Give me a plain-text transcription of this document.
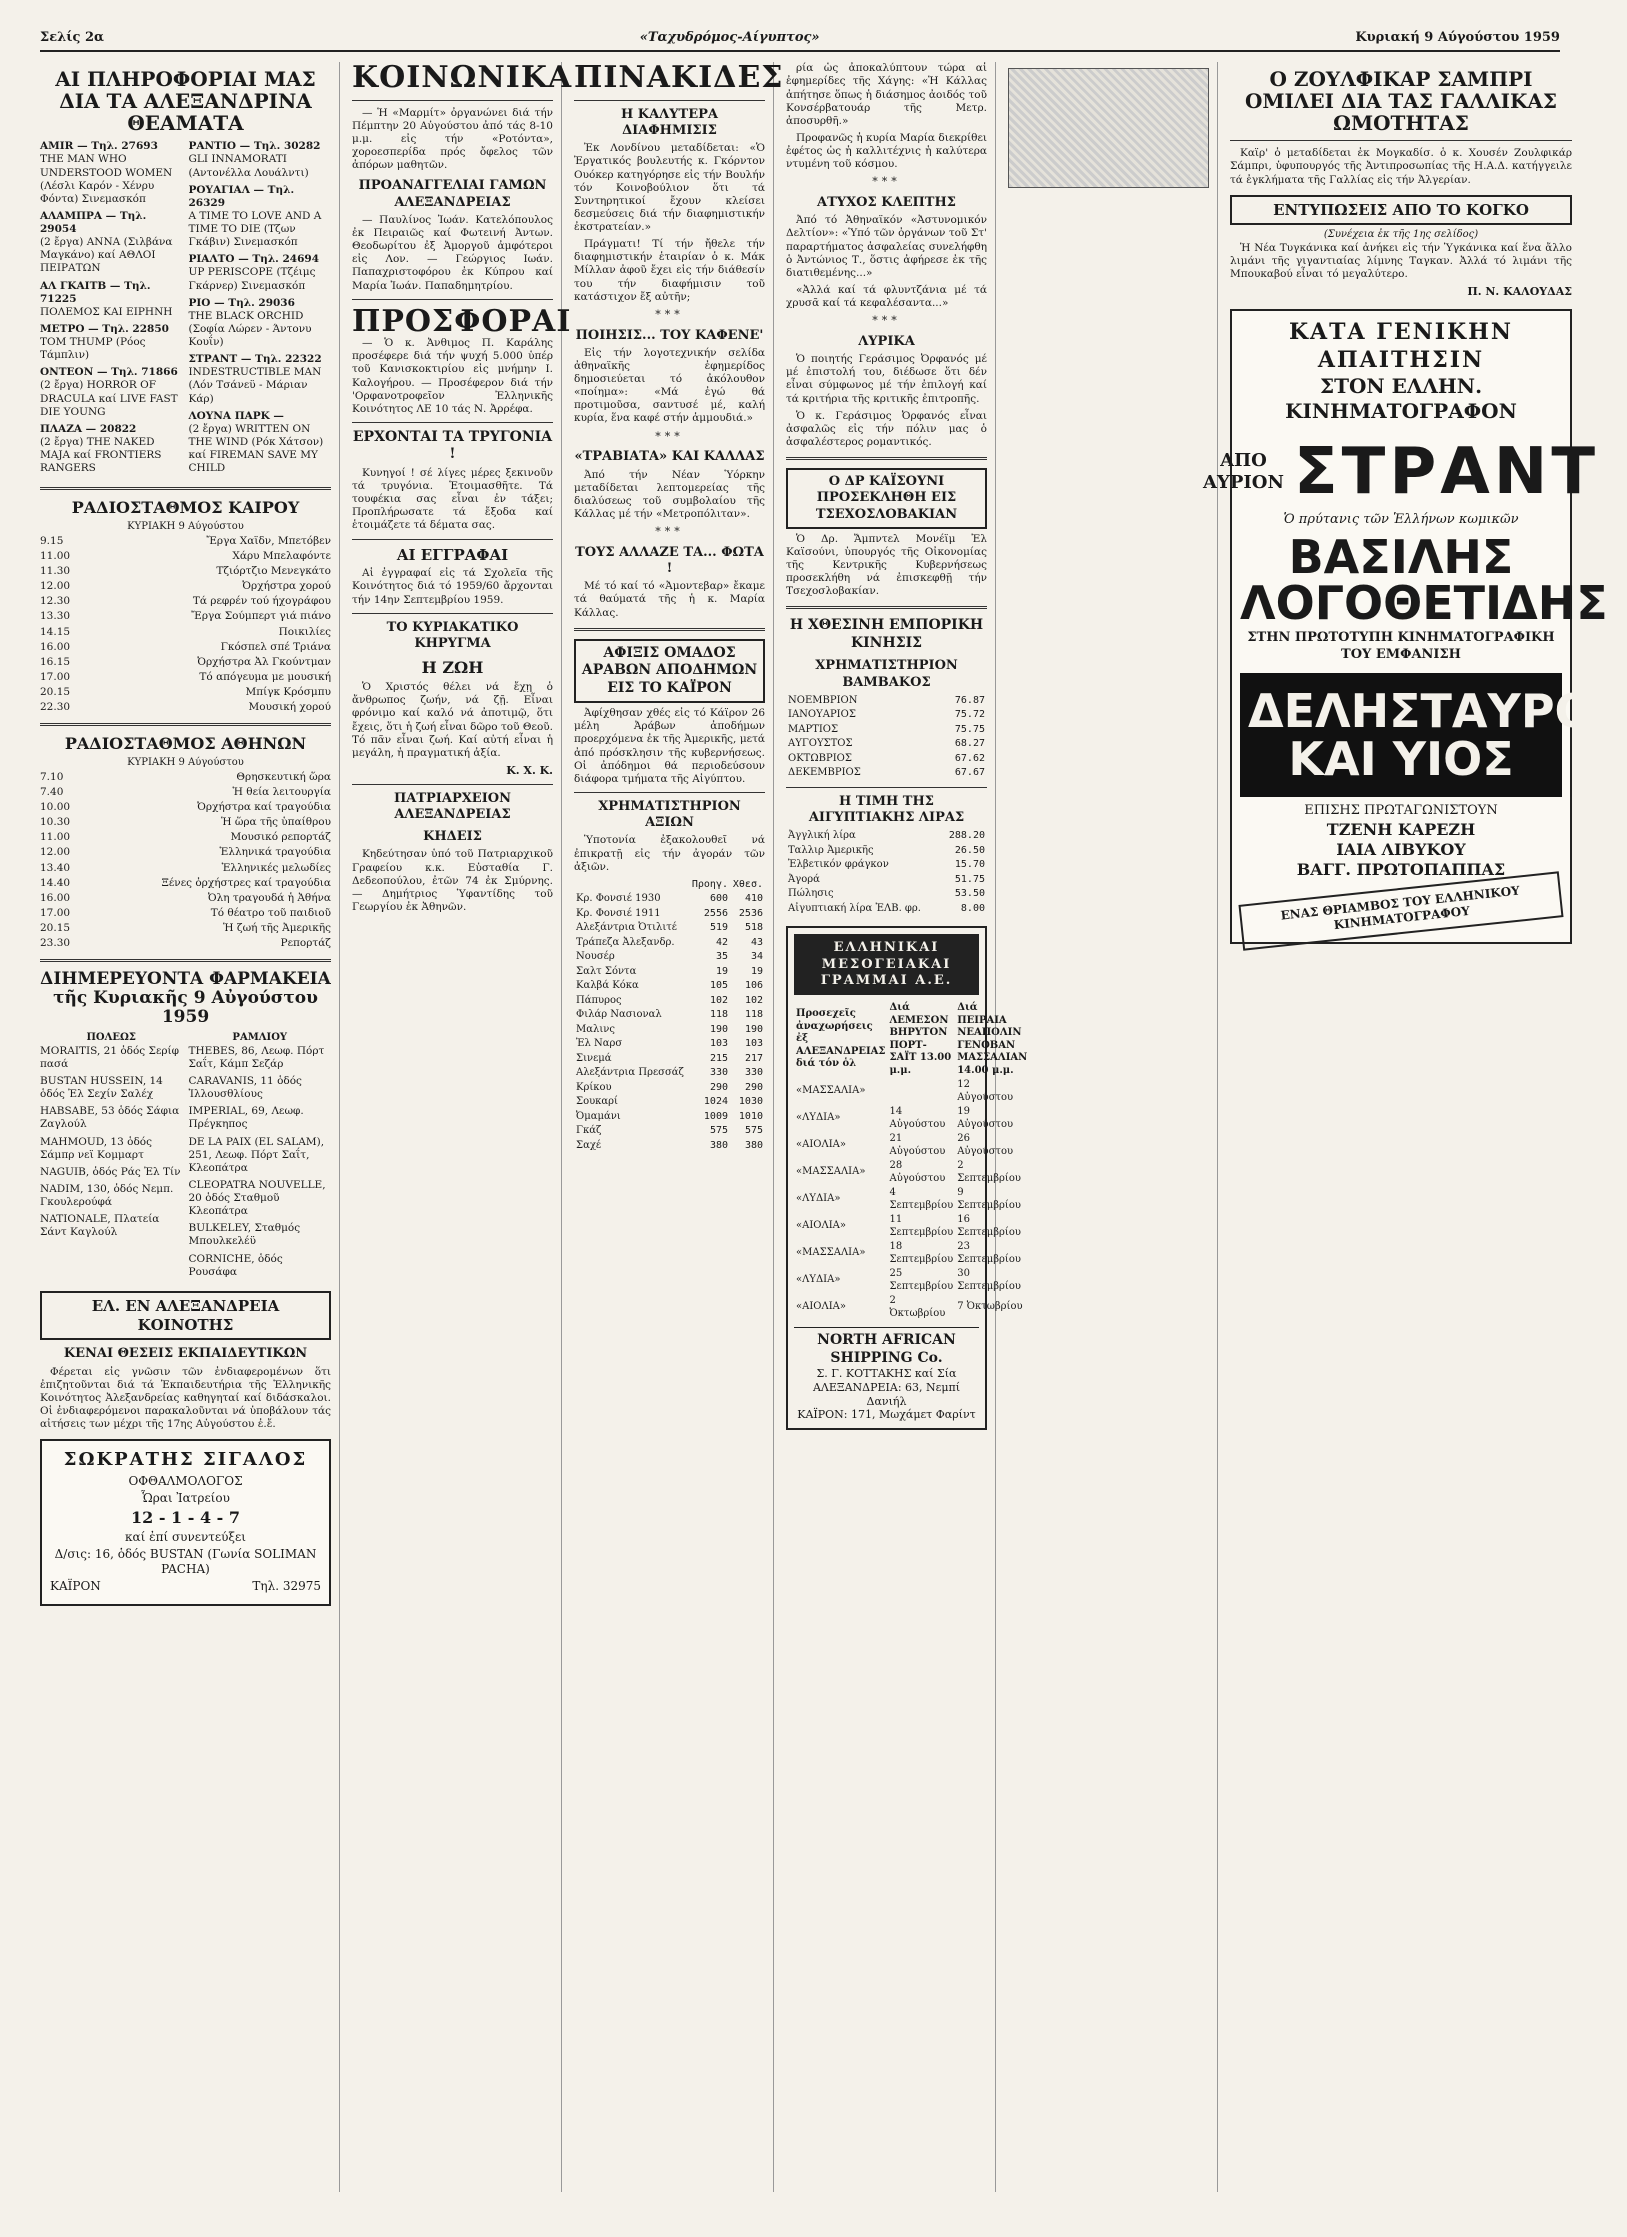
Σελίς 2α	«Ταχυδρόμος-Αίγυπτος»	Κυριακή 9 Αύγούστου 1959
ΑΙ ΠΛΗΡΟΦΟΡΙΑΙ ΜΑΣ ΔΙΑ ΤΑ ΑΛΕΞΑΝΔΡΙΝΑ ΘΕΑΜΑΤΑ
AMIR — Τηλ. 27693
THE MAN WHO UNDERSTOOD WOMEN (Λέσλι Καρόν - Χένρυ Φόντα) Σινεμασκόπ
ΑΛΑΜΠΡΑ — Τηλ. 29054
(2 ἔργα) ΑΝΝΑ (Σιλβάνα Μαγκάνο) καί ΑΘΛΟΙ ΠΕΙΡΑΤΩΝ
ΑΛ ΓΚΑΙΤΒ — Τηλ. 71225
ΠΟΛΕΜΟΣ ΚΑΙ ΕΙΡΗΝΗ
ΜΕΤΡΟ — Τηλ. 22850
TOM THUMP (Ρόος Τάμπλιν)
ΟΝΤΕΟΝ — Τηλ. 71866
(2 ἔργα) HORROR OF DRACULA καί LIVE FAST DIE YOUNG
ΠΛΑΖΑ — 20822
(2 ἔργα) THE NAKED MAJA καί FRONTIERS RANGERS
ΡΑΝΤΙΟ — Τηλ. 30282
GLI INNAMORATI (Αντονέλλα Λουάλντι)
ΡΟΥΑΓΙΑΛ — Τηλ. 26329
A TIME TO LOVE AND A TIME TO DIE (Τζων Γκάβιν) Σινεμασκόπ
ΡΙΑΛΤΟ — Τηλ. 24694
UP PERISCOPE (Τζέιμς Γκάρνερ) Σινεμασκόπ
ΡΙΟ — Τηλ. 29036
THE BLACK ORCHID (Σοφία Λώρεν - Άντονυ Κουΐν)
ΣΤΡΑΝΤ — Τηλ. 22322
INDESTRUCTIBLE MAN (Λόν Τσάνεϋ - Μάριαν Κάρ)
ΛΟΥΝΑ ΠΑΡΚ —
(2 ἔργα) WRITTEN ON THE WIND (Ρόκ Χάτσον) καί FIREMAN SAVE MY CHILD
ΡΑΔΙΟΣΤΑΘΜΟΣ ΚΑΙΡΟΥ
ΚΥΡΙΑΚΗ 9 Αύγούστου
9.15	Ἔργα Χαϊδν, Μπετόβεν
11.00	Χάρυ Μπελαφόντε
11.30	Τζιόρτζιο Μενεγκάτο
12.00	Ὀρχήστρα χορού
12.30	Τά ρεφρέν τού ήχογράφου
13.30	Ἔργα Σούμπερτ γιά πιάνο
14.15	Ποικιλίες
16.00	Γκόσπελ σπέ Τριάνα
16.15	Ὀρχήστρα Ἀλ Γκούντμαν
17.00	Τό απόγευμα με μουσική
20.15	Μπίγκ Κρόσμπυ
22.30	Μουσική χορού
ΡΑΔΙΟΣΤΑΘΜΟΣ ΑΘΗΝΩΝ
ΚΥΡΙΑΚΗ 9 Αύγούστου
7.10	Θρησκευτική ὥρα
7.40	Ἡ θεία λειτουργία
10.00	Ὀρχήστρα καί τραγούδια
10.30	Ἡ ὥρα τῆς ὑπαίθρου
11.00	Μουσικό ρεπορτάζ
12.00	Ἑλληνικά τραγούδια
13.40	Ἑλληνικές μελωδίες
14.40	Ξένες ὀρχήστρες καί τραγούδια
16.00	Ὀλη τραγουδά ἡ Ἀθήνα
17.00	Τό θέατρο τοῦ παιδιοῦ
20.15	Ἡ ζωή τῆς Ἀμερικῆς
23.30	Ρεπορτάζ
ΔΙΗΜΕΡΕΥΟΝΤΑ ΦΑΡΜΑΚΕΙΑ τῆς Κυριακῆς 9 Αὐγούστου 1959
ΠΟΛΕΩΣ
MORAITIS, 21 ὁδός Σερίφ πασά
BUSTAN HUSSEIN, 14 ὁδός Ἐλ Σεχίν Σαλέχ
HABSABE, 53 ὁδός Σάφια Ζαγλούλ
MAHMOUD, 13 ὁδός Σάμπρ νεϊ Κομμαρτ
NAGUIB, ὁδός Ράς Ἐλ Τίν
NADIM, 130, ὁδός Νεμπ. Γκουλερούφά
NATIONALE, Πλατεία Σάντ Καγλούλ
ΡΑΜΛΙΟΥ
THEBES, 86, Λεωφ. Πόρτ Σαΐτ, Κάμπ Σεζάρ
CARAVANIS, 11 ὁδός Ἰλλουσθλίους
IMPERIAL, 69, Λεωφ. Πρέγκηπος
DE LA PAIX (EL SALAM), 251, Λεωφ. Πόρτ Σαΐτ, Κλεοπάτρα
CLEOPATRA NOUVELLE, 20 ὁδός Σταθμοῦ Κλεοπάτρα
BULKELEY, Σταθμός Μπουλκελέϋ
CORNICHE, ὁδός Ρουσάφα
ΕΛ. ΕΝ ΑΛΕΞΑΝΔΡΕΙΑ ΚΟΙΝΟΤΗΣ
ΚΕΝΑΙ ΘΕΣΕΙΣ ΕΚΠΑΙΔΕΥΤΙΚΩΝ

Φέρεται εἰς γνῶσιν τῶν ἐνδιαφερομένων ὅτι ἐπιζητοῦνται διά τά Ἐκπαιδευτήρια τῆς Ἑλληνικῆς Κοινότητος Ἀλεξανδρείας καθηγηταί καί διδάσκαλοι. Οἱ ἐνδιαφερόμενοι παρακαλοῦνται νά ὑποβάλουν τάς αἰτήσεις των μέχρι τῆς 17ης Αὐγούστου ἐ.ἔ.

ΣΩΚΡΑΤΗΣ ΣΙΓΑΛΟΣ
ΟΦΘΑΛΜΟΛΟΓΟΣ
Ὧραι Ἰατρείου
12 - 1 - 4 - 7
καί ἐπί συνεντεύξει
Δ/σις: 16, ὁδός BUSTAN (Γωνία SOLIMAN PACHA)
ΚΑΪΡΟΝ	Τηλ. 32975
ΚΟΙΝΩΝΙΚΑ

— Ἡ «Μαρμίτ» ὀργανώνει διά τήν Πέμπτην 20 Αὐγούστου ἀπό τάς 8-10 μ.μ. εἰς τήν «Ροτόντα», χοροεσπερίδα πρός ὄφελος τῶν ἀπόρων μαθητῶν.

ΠΡΟΑΝΑΓΓΕΛΙΑΙ ΓΑΜΩΝ ΑΛΕΞΑΝΔΡΕΙΑΣ

— Παυλίνος Ἰωάν. Κατελόπουλος ἐκ Πειραιῶς καί Φωτεινή Ἀντων. Θεοδωρίτου ἐξ Ἀμοργοῦ ἀμφότεροι εἰς Λον. — Γεώργιος Ιωάν. Παπαχριστοφόρου ἐκ Κύπρου καί Μαρία Ἰωάν. Παπαδημητρίου.

ΠΡΟΣΦΟΡΑΙ

— Ὁ κ. Ἀνθιμος Π. Καράλης προσέφερε διά τήν ψυχή 5.000 ὑπέρ τοῦ Κανισκοκτιρίου εἰς μνήμην Ι. Καλογήρου. — Προσέφερον διά τήν 'Ορφανοτροφεῖον Ἐλληνικῆς Κοινότητος ΛΕ 10 τάς Ν. Ἀρρέφα.

ΕΡΧΟΝΤΑΙ ΤΑ ΤΡΥΓΟΝΙΑ !

Κυνηγοί ! σέ λίγες μέρες ξεκινοῦν τά τρυγόνια. Ἑτοιμασθῆτε. Τά τουφέκια σας εἶναι ἐν τάξει; Προπλήρωσατε τά ἔξοδα καί ἑτοιμάζετε τά δέματα σας.

ΑΙ ΕΓΓΡΑΦΑΙ

Αἱ ἐγγραφαί εἰς τά Σχολεῖα τῆς Κοινότητος διά τό 1959/60 ἄρχονται τήν 14ην Σεπτεμβρίου 1959.

ΤΟ ΚΥΡΙΑΚΑΤΙΚΟ ΚΗΡΥΓΜΑ
Η ΖΩΗ

Ὁ Χριστός θέλει νά ἔχῃ ὁ ἄνθρωπος ζωήν, νά ζῇ. Εἶναι φρόνιμο καί καλό νά ἀποτιμῷ, ὅτι ἔχεις, ὅτι ἡ ζωή εἶναι δῶρο τοῦ Θεοῦ. Τό πᾶν εἶναι ζωή. Καί αὐτή εἶναι ἡ μεγάλη, ἡ πραγματική ἀξία.

Κ. Χ. Κ.
ΠΑΤΡΙΑΡΧΕΙΟΝ ΑΛΕΞΑΝΔΡΕΙΑΣ
ΚΗΔΕΙΣ

Κηδεύτησαν ὑπό τοῦ Πατριαρχικοῦ Γραφείου κ.κ. Εὐσταθία Γ. Δεδεοπούλου, ἐτῶν 74 ἐκ Σμύρνης. — Δημήτριος Ὑφαντίδης τοῦ Γεωργίου ἐκ Ἀθηνῶν.

ΠΙΝΑΚΙΔΕΣ
Η ΚΑΛΥΤΕΡΑ ΔΙΑΦΗΜΙΣΙΣ

Ἐκ Λονδίνου μεταδίδεται: «Ὁ Ἐργατικός βουλευτής κ. Γκόρντον Ουόκερ κατηγόρησε εἰς τήν Βουλήν τόν Κοινοβούλιον ὅτι τά Συντηρητικοί ἔχουν κλείσει δεσμεύσεις διά τήν διαφημιστικήν ἐκστρατείαν.»

Πράγματι! Τί τήν ἤθελε τήν διαφημιστικήν ἑταιρίαν ὁ κ. Μάκ Μίλλαν ἀφοῦ ἔχει εἰς τήν διάθεσίν του τήν διαφήμισιν τοῦ κατάστιχον ἔξ αὐτῆν;

***
ΠΟΙΗΣΙΣ... ΤΟΥ ΚΑΦΕΝΕ'

Εἰς τήν λογοτεχνικήν σελίδα ἀθηναϊκῆς ἐφημερίδος δημοσιεύεται τό ἀκόλουθον «ποίημα»: «Μά ἐγώ θά προτιμοῦσα, σαντυσέ μέ, καλή κυρία, ἕνα καφέ στήν ἁμμουδιά.»

***
«ΤΡΑΒΙΑΤΑ» ΚΑΙ ΚΑΛΛΑΣ

Ἀπό τήν Νέαν Ὑόρκην μεταδίδεται λεπτομερείας τῆς διαλύσεως τοῦ συμβολαίου τῆς Κάλλας μέ τήν «Μετροπόλιταν».

***
ΤΟΥΣ ΑΛΛΑΖΕ ΤΑ... ΦΩΤΑ !

Μέ τό καί τό «Ἀμοντεβαρ» ἔκαμε τά θαύματά τῆς ἡ κ. Μαρία Κάλλας.

ΑΦΙΞΙΣ ΟΜΑΔΟΣ ΑΡΑΒΩΝ ΑΠΟΔΗΜΩΝ ΕΙΣ ΤΟ ΚΑΪΡΟΝ

Ἀφίχθησαν χθές εἰς τό Κάϊρον 26 μέλη Ἀράβων ἀποδήμων προερχόμενα ἐκ τῆς Ἀμερικῆς, μετά ἀπό πρόσκλησιν τῆς κυβερνήσεως. Οἱ ἀπόδημοι θά περιοδεύσουν διάφορα τμήματα τῆς Αἰγύπτου.

ΧΡΗΜΑΤΙΣΤΗΡΙΟΝ ΑΞΙΩΝ

Ὑποτονία ἐξακολουθεῖ νά ἐπικρατῇ εἰς τήν ἀγοράν τῶν ἀξιῶν.

	Προηγ.	Χθεσ.
Κρ. Φονσιέ 1930	600	410
Κρ. Φονσιέ 1911	2556	2536
Αλεξάντρια Ὀτιλιτέ	519	518
Τράπεζα Ἀλεξανδρ.	42	43
Νουσέρ	35	34
Σαλτ Σόντα	19	19
Καλβά Κόκα	105	106
Πάπυρος	102	102
Φιλάρ Νασιοναλ	118	118
Μαλινς	190	190
Ἐλ Ναρσ	103	103
Σινεμά	215	217
Αλεξάντρια Πρεσσάζ	330	330
Κρίκου	290	290
Σουκαρί	1024	1030
Ὀμαμάνι	1009	1010
Γκάζ	575	575
Σαχέ	380	380

ρία ὡς ἀποκαλύπτουν τώρα αἱ ἐφημερίδες τῆς Χάγης: «Ἡ Κάλλας ἀπήτησε ὅπως ἡ διάσημος ἀοιδός τοῦ Κονσέρβατουάρ τῆς Μετρ. ἀποσυρθῆ.»

Προφανῶς ἡ κυρία Μαρία διεκρίθει ἐφέτος ὡς ἡ καλλιτέχνις ἡ καλύτερα ντυμένη τοῦ κόσμου.

***
ΑΤΥΧΟΣ ΚΛΕΠΤΗΣ

Ἀπό τό Ἀθηναϊκόν «Ἀστυνομικόν Δελτίον»: «Ὑπό τῶν ὀργάνων τοῦ Στ' παραρτήματος ἀσφαλείας συνελήφθη ὁ Ἀντώνιος Τ., ὅστις ἀφήρεσε ἐκ τῆς διατιθεμένης...»

«Ἀλλά καί τά φλυντζάνια μέ τά χρυσᾶ καί τά κεφαλέσαντα...»

***
ΛΥΡΙΚΑ

Ὁ ποιητής Γεράσιμος Ὀρφανός μέ μέ ἐπιστολή του, διέδωσε ὅτι δέν εἶναι σύμφωνος μέ τήν ἐπιλογή καί τά κριτήρια τῆς κριτικῆς ἐπιτροπῆς.

Ὁ κ. Γεράσιμος Ὀρφανός εἶναι ἀσφαλῶς εἰς τήν πόλιν μας ὁ ἀσφαλέστερος ρομαντικός.

Ο ΔΡ ΚΑΪΣΟΥΝΙ ΠΡΟΣΕΚΛΗΘΗ ΕΙΣ ΤΣΕΧΟΣΛΟΒΑΚΙΑΝ

Ὁ Δρ. Ἄμπντελ Μονέϊμ Ἐλ Καϊσούνι, ὑπουργός τῆς Οἰκονομίας τῆς Κεντρικῆς Κυβερνήσεως προσεκλήθη νά ἐπισκεφθῇ τήν Τσεχοσλοβακίαν.

Η ΧΘΕΣΙΝΗ ΕΜΠΟΡΙΚΗ ΚΙΝΗΣΙΣ
ΧΡΗΜΑΤΙΣΤΗΡΙΟΝ ΒΑΜΒΑΚΟΣ
ΝΟΕΜΒΡΙΟΝ	76.87
ΙΑΝΟΥΑΡΙΟΣ	75.72
ΜΑΡΤΙΟΣ	75.75
ΑΥΓΟΥΣΤΟΣ	68.27
ΟΚΤΩΒΡΙΟΣ	67.62
ΔΕΚΕΜΒΡΙΟΣ	67.67
Η ΤΙΜΗ ΤΗΣ ΑΙΓΥΠΤΙΑΚΗΣ ΛΙΡΑΣ
Ἀγγλική λίρα	288.20
Ταλλιρ Ἀμερικῆς	26.50
Ἐλβετικόν φράγκον	15.70
Ἀγορά	51.75
Πώλησις	53.50
Αἰγυπτιακή λίρα ἘΛΒ. φρ.	8.00
ΕΛΛΗΝΙΚΑΙ ΜΕΣΟΓΕΙΑΚΑΙ ΓΡΑΜΜΑΙ Α.Ε.
Προσεχεῖς ἀναχωρήσεις ἐξ ΑΛΕΞΑΝΔΡΕΙΑΣ διά τόν ὁλ	Διά ΛΕΜΕΣΟΝ ΒΗΡΥΤΟΝ ΠΟΡΤ-ΣΑΪΤ 13.00 μ.μ.	Διά ΠΕΙΡΑΙΑ ΝΕΑΠΟΛΙΝ ΓΕΝΟΒΑΝ ΜΑΣΣΑΛΙΑΝ 14.00 μ.μ.
«ΜΑΣΣΑΛΙΑ»		12 Αὐγούστου
«ΛΥΔΙΑ»	14 Αὐγούστου	19 Αὐγούστου
«ΑΙΟΛΙΑ»	21 Αὐγούστου	26 Αὐγούστου
«ΜΑΣΣΑΛΙΑ»	28 Αὐγούστου	2 Σεπτεμβρίου
«ΛΥΔΙΑ»	4 Σεπτεμβρίου	9 Σεπτεμβρίου
«ΑΙΟΛΙΑ»	11 Σεπτεμβρίου	16 Σεπτεμβρίου
«ΜΑΣΣΑΛΙΑ»	18 Σεπτεμβρίου	23 Σεπτεμβρίου
«ΛΥΔΙΑ»	25 Σεπτεμβρίου	30 Σεπτεμβρίου
«ΑΙΟΛΙΑ»	2 Ὀκτωβρίου	7 Ὀκτωβρίου
NORTH AFRICAN SHIPPING Co.
Σ. Γ. ΚΟΤΤΑΚΗΣ καί Σία
ΑΛΕΞΑΝΔΡΕΙΑ: 63, Νεμπί Δανιήλ
ΚΑΪΡΟΝ: 171, Μωχάμετ Φαρίντ
Ο ΖΟΥΛΦΙΚΑΡ ΣΑΜΠΡΙ ΟΜΙΛΕΙ ΔΙΑ ΤΑΣ ΓΑΛΛΙΚΑΣ ΩΜΟΤΗΤΑΣ

Καϊρ' ὁ μεταδίδεται ἐκ Μογκαδίσ. ὁ κ. Χουσέν Ζουλφικάρ Σάμπρι, ὑφυπουργός τῆς Ἀντιπροσωπίας τῆς Η.Α.Δ. κατήγγειλε τά ἐγκλήματα τῆς Γαλλίας εἰς τήν Ἀλγερίαν.

ΕΝΤΥΠΩΣΕΙΣ ΑΠΟ ΤΟ ΚΟΓΚΟ
(Συνέχεια ἐκ τῆς 1ης σελίδος)

Ἡ Νέα Τυγκάνικα καί ἀνήκει εἰς τήν Ὑγκάνικα καί ἕνα ἄλλο λιμάνι τῆς γιγαντιαίας λίμνης Ταγκαν. Ἀλλά τό λιμάνι τῆς Μπουκαβού εἶναι τό μεγαλύτερο.

Π. Ν. ΚΑΛΟΥΔΑΣ
ΚΑΤΑ ΓΕΝΙΚΗΝ ΑΠΑΙΤΗΣΙΝ
ΣΤΟΝ ΕΛΛΗΝ. ΚΙΝΗΜΑΤΟΓΡΑΦΟΝ
ΑΠΟ ΑΥΡΙΟΝ ΣΤΡΑΝΤ
Ὁ πρύτανις τῶν Ἑλλήνων κωμικῶν
ΒΑΣΙΛΗΣ ΛΟΓΟΘΕΤΙΔΗΣ
ΣΤΗΝ ΠΡΩΤΟΤΥΠΗ ΚΙΝΗΜΑΤΟΓΡΑΦΙΚΗ ΤΟΥ ΕΜΦΑΝΙΣΗ
ΔΕΛΗΣΤΑΥΡΟΥ ΚΑΙ ΥΙΟΣ
ΕΠΙΣΗΣ ΠΡΩΤΑΓΩΝΙΣΤΟΥΝ
ΤΖΕΝΗ ΚΑΡΕΖΗ
ΙΑΙΑ ΛΙΒΥΚΟΥ
ΒΑΓΓ. ΠΡΩΤΟΠΑΠΠΑΣ
ΕΝΑΣ ΘΡΙΑΜΒΟΣ ΤΟΥ ΕΛΛΗΝΙΚΟΥ ΚΙΝΗΜΑΤΟΓΡΑΦΟΥ
